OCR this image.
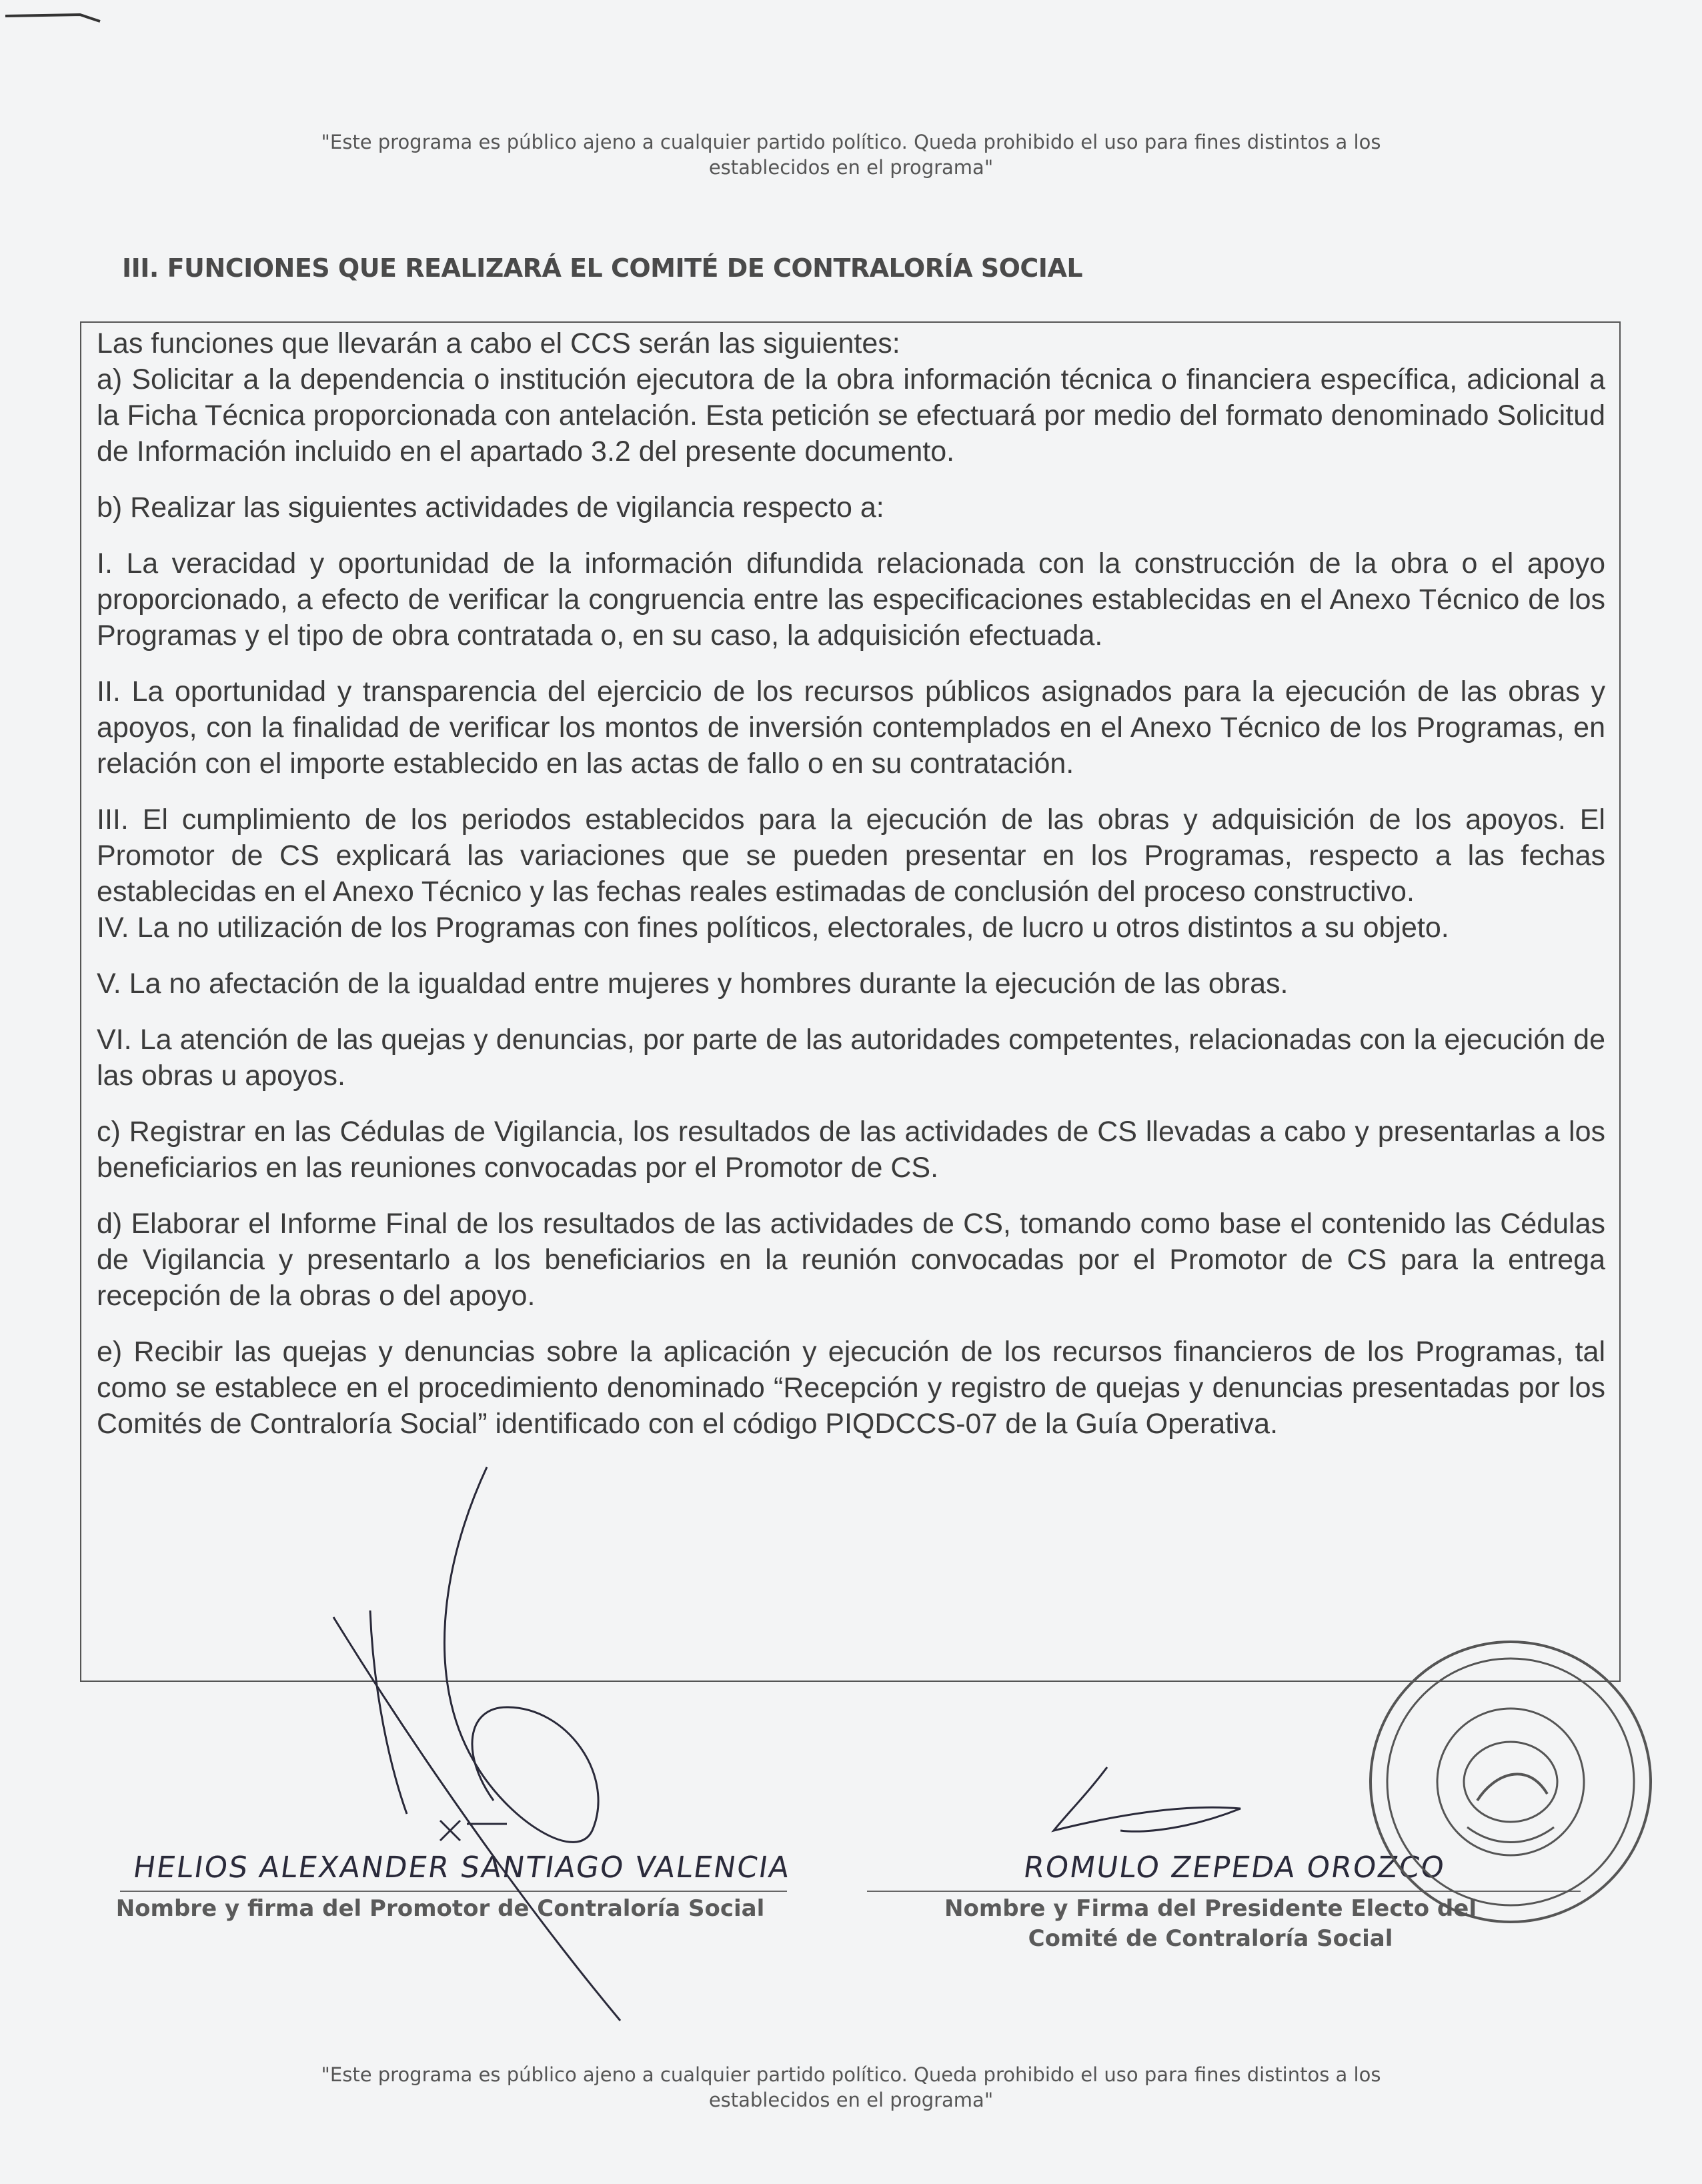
"Este programa es público ajeno a cualquier partido político. Queda prohibido el uso para fines distintos a los
establecidos en el programa"
III. FUNCIONES QUE REALIZARÁ EL COMITÉ DE CONTRALORÍA SOCIAL

Las funciones que llevarán a cabo el CCS serán las siguientes:

a) Solicitar a la dependencia o institución ejecutora de la obra información técnica o financiera específica, adicional a la Ficha Técnica proporcionada con antelación. Esta petición se efectuará por medio del formato denominado Solicitud de Información incluido en el apartado 3.2 del presente documento.

b) Realizar las siguientes actividades de vigilancia respecto a:

I. La veracidad y oportunidad de la información difundida relacionada con la construcción de la obra o el apoyo proporcionado, a efecto de verificar la congruencia entre las especificaciones establecidas en el Anexo Técnico de los Programas y el tipo de obra contratada o, en su caso, la adquisición efectuada.

II. La oportunidad y transparencia del ejercicio de los recursos públicos asignados para la ejecución de las obras y apoyos, con la finalidad de verificar los montos de inversión contemplados en el Anexo Técnico de los Programas, en relación con el importe establecido en las actas de fallo o en su contratación.

III. El cumplimiento de los periodos establecidos para la ejecución de las obras y adquisición de los apoyos. El Promotor de CS explicará las variaciones que se pueden presentar en los Programas, respecto a las fechas establecidas en el Anexo Técnico y las fechas reales estimadas de conclusión del proceso constructivo.

IV. La no utilización de los Programas con fines políticos, electorales, de lucro u otros distintos a su objeto.

V. La no afectación de la igualdad entre mujeres y hombres durante la ejecución de las obras.

VI. La atención de las quejas y denuncias, por parte de las autoridades competentes, relacionadas con la ejecución de las obras u apoyos.

c) Registrar en las Cédulas de Vigilancia, los resultados de las actividades de CS llevadas a cabo y presentarlas a los beneficiarios en las reuniones convocadas por el Promotor de CS.

d) Elaborar el Informe Final de los resultados de las actividades de CS, tomando como base el contenido las Cédulas de Vigilancia y presentarlo a los beneficiarios en la reunión convocadas por el Promotor de CS para la entrega recepción de la obras o del apoyo.

e) Recibir las quejas y denuncias sobre la aplicación y ejecución de los recursos financieros de los Programas, tal como se establece en el procedimiento denominado “Recepción y registro de quejas y denuncias presentadas por los Comités de Contraloría Social” identificado con el código PIQDCCS-07 de la Guía Operativa.

HELIOS ALEXANDER SANTIAGO VALENCIA
Nombre y firma del Promotor de Contraloría Social
ROMULO ZEPEDA OROZCO
Nombre y Firma del Presidente Electo del
Comité de Contraloría Social
"Este programa es público ajeno a cualquier partido político. Queda prohibido el uso para fines distintos a los
establecidos en el programa"
